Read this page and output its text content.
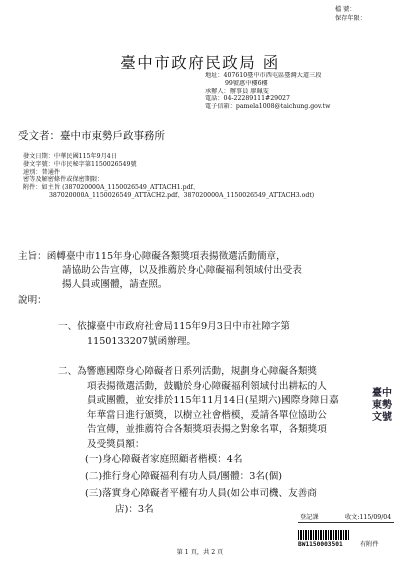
檔 號：
保存年限：
臺中市政府民政局 函
地址：407610臺中市西屯區臺灣大道三段
99號惠中樓6樓
承辦人：辦事員 廖珮雯
電話：04-22289111#29027
電子信箱：pamela1008@taichung.gov.tw
受文者：臺中市東勢戶政事務所
發文日期：中華民國115年9月4日
發文字號：中市民秘字第1150026549號
速別：普通件
密等及解密條件或保密期限：
附件：如主旨 (387020000A_1150026549_ATTACH1.pdf、
387020000A_1150026549_ATTACH2.pdf、387020000A_1150026549_ATTACH3.odt)
主旨：函轉臺中市115年身心障礙各類獎項表揚徵選活動簡章，
請協助公告宣傳，以及推薦於身心障礙福利領域付出受表
揚人員或團體，請查照。
說明：
一、依據臺中市政府社會局115年9月3日中市社障字第
1150133207號函辦理。
二、為響應國際身心障礙者日系列活動，規劃身心障礙各類獎
項表揚徵選活動，鼓勵於身心障礙福利領域付出耕耘的人
員或團體，並安排於115年11月14日(星期六)國際身障日嘉
年華當日進行頒獎，以樹立社會楷模，爰請各單位協助公
告宣傳，並推薦符合各類獎項表揚之對象名單，各類獎項
及受獎員額：
(一)身心障礙者家庭照顧者楷模：4名
(二)推行身心障礙福利有功人員/團體：3名(個)
(三)落實身心障礙者平權有功人員(如公車司機、友善商
店)：3名
臺中東勢文號
登記課	收文:115/09/04
BW1150003501	有附件
第 1 頁，共 2 頁
